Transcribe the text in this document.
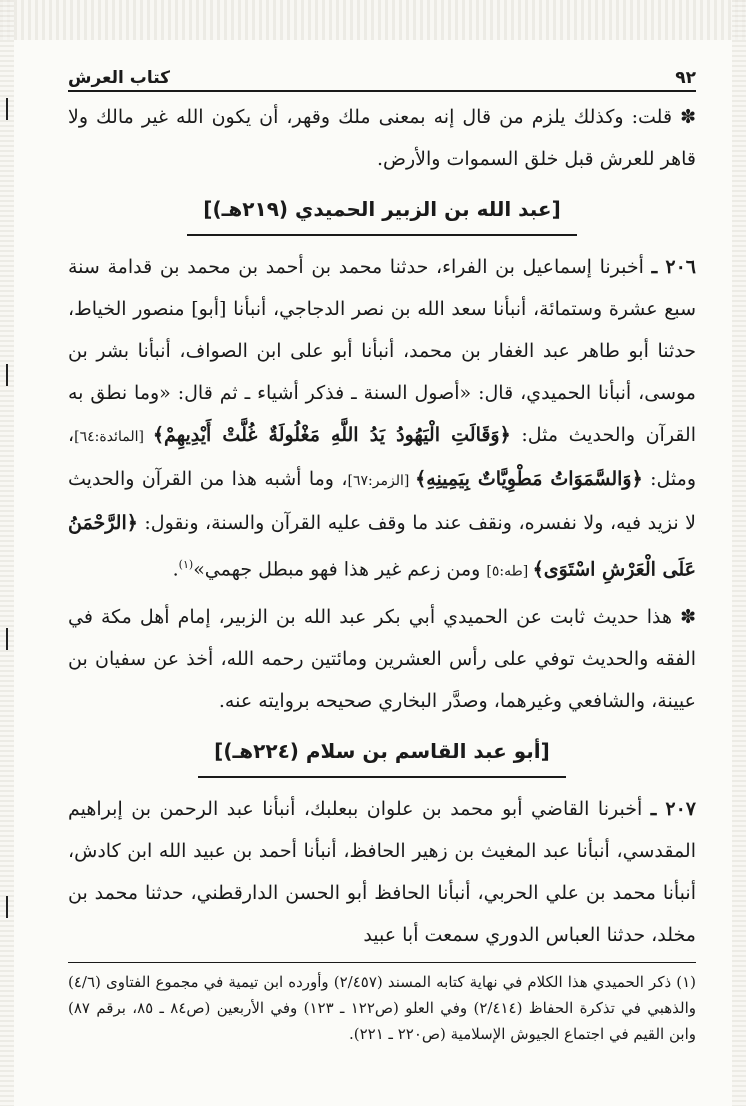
٩٢
كتاب العرش

✽ قلت: وكذلك يلزم من قال إنه بمعنى ملك وقهر، أن يكون الله غير مالك ولا قاهر للعرش قبل خلق السموات والأرض.

[عبد الله بن الزبير الحميدي (٢١٩هـ)]

٢٠٦ ـ أخبرنا إسماعيل بن الفراء، حدثنا محمد بن أحمد بن محمد بن قدامة سنة سبع عشرة وستمائة، أنبأنا سعد الله بن نصر الدجاجي، أنبأنا [أبو] منصور الخياط، حدثنا أبو طاهر عبد الغفار بن محمد، أنبأنا أبو على ابن الصواف، أنبأنا بشر بن موسى، أنبأنا الحميدي، قال: «أصول السنة ـ فذكر أشياء ـ ثم قال: «وما نطق به القرآن والحديث مثل: ﴿وَقَالَتِ الْيَهُودُ يَدُ اللَّهِ مَغْلُولَةٌ غُلَّتْ أَيْدِيهِمْ﴾ [المائدة:٦٤]، ومثل: ﴿وَالسَّمَوَاتُ مَطْوِيَّاتٌ بِيَمِينِهِ﴾ [الزمر:٦٧]، وما أشبه هذا من القرآن والحديث لا نزيد فيه، ولا نفسره، ونقف عند ما وقف عليه القرآن والسنة، ونقول: ﴿الرَّحْمَنُ عَلَى الْعَرْشِ اسْتَوَى﴾ [طه:٥] ومن زعم غير هذا فهو مبطل جهمي»$^{(١)}$.

✽ هذا حديث ثابت عن الحميدي أبي بكر عبد الله بن الزبير، إمام أهل مكة في الفقه والحديث توفي على رأس العشرين ومائتين رحمه الله، أخذ عن سفيان بن عيينة، والشافعي وغيرهما، وصدَّر البخاري صحيحه بروايته عنه.

[أبو عبد القاسم بن سلام (٢٢٤هـ)]

٢٠٧ ـ أخبرنا القاضي أبو محمد بن علوان ببعلبك، أنبأنا عبد الرحمن بن إبراهيم المقدسي، أنبأنا عبد المغيث بن زهير الحافظ، أنبأنا أحمد بن عبيد الله ابن كادش، أنبأنا محمد بن علي الحربي، أنبأنا الحافظ أبو الحسن الدارقطني، حدثنا محمد بن مخلد، حدثنا العباس الدوري سمعت أبا عبيد

(١) ذكر الحميدي هذا الكلام في نهاية كتابه المسند (٢/٤٥٧) وأورده ابن تيمية في مجموع الفتاوى (٤/٦) والذهبي في تذكرة الحفاظ (٢/٤١٤) وفي العلو (ص١٢٢ ـ ١٢٣) وفي الأربعين (ص٨٤ ـ ٨٥، برقم ٨٧) وابن القيم في اجتماع الجيوش الإسلامية (ص٢٢٠ ـ ٢٢١).
